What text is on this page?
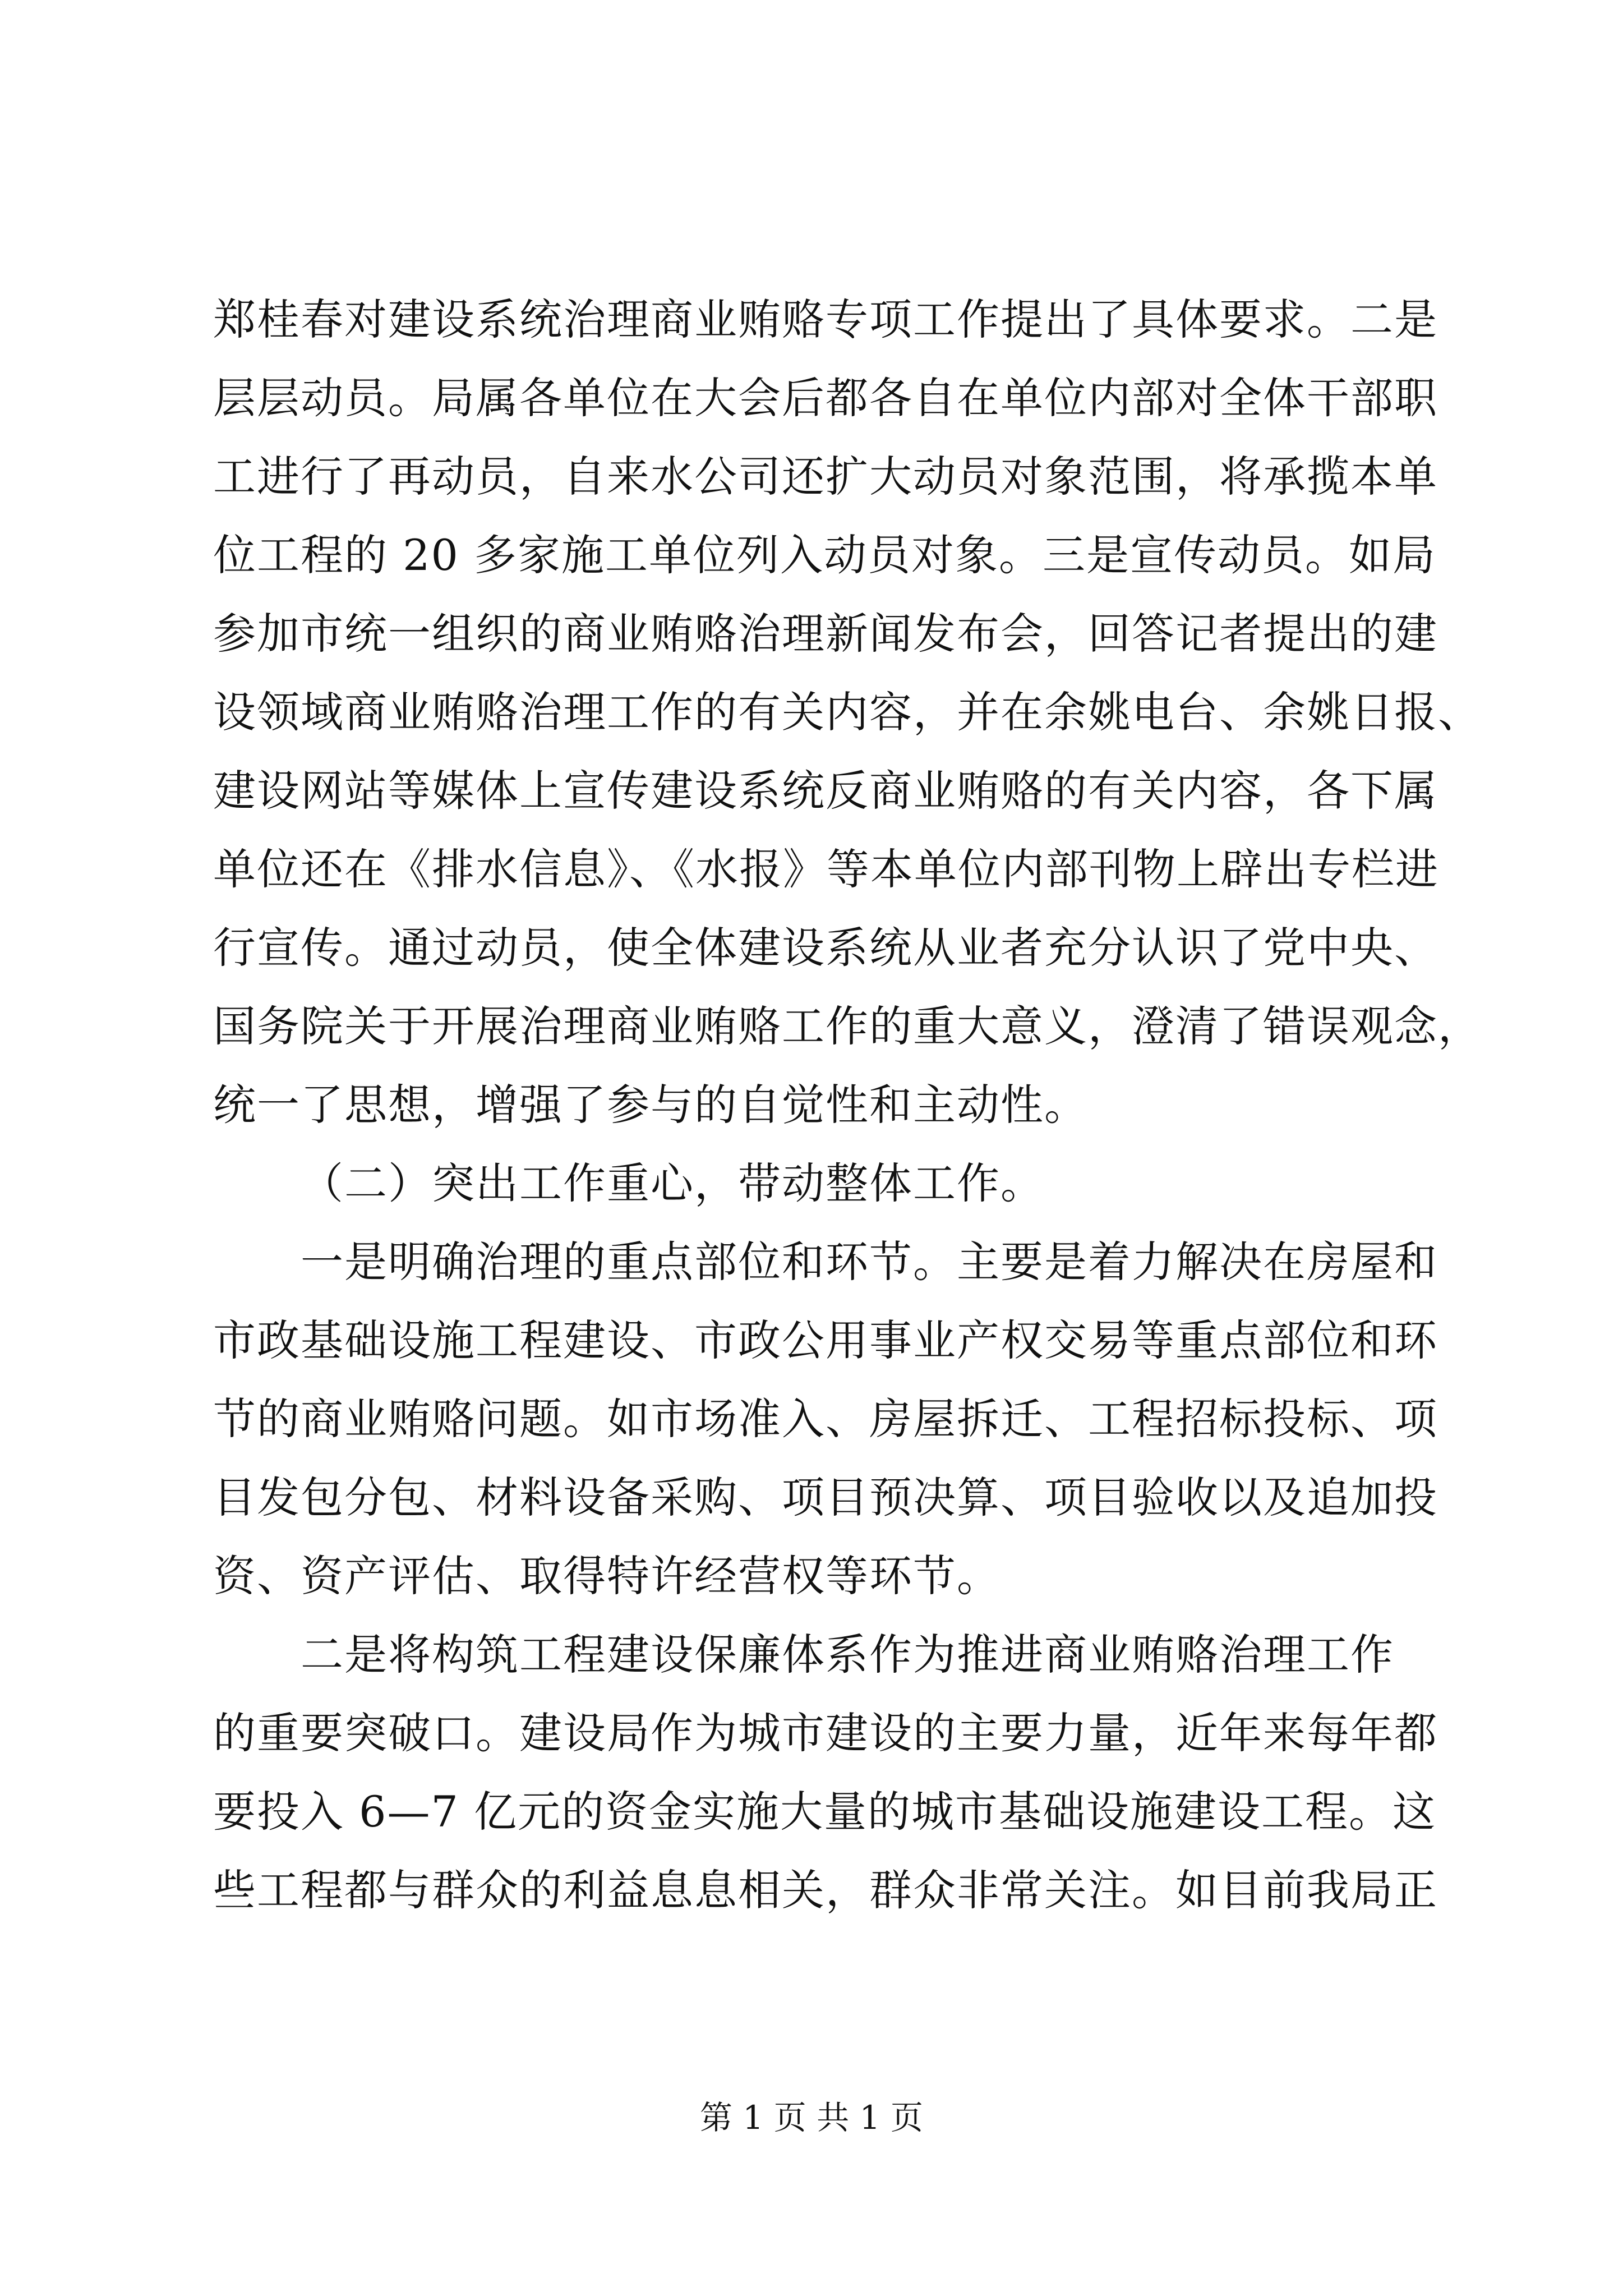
郑桂春对建设系统治理商业贿赂专项工作提出了具体要求。二是
层层动员。局属各单位在大会后都各自在单位内部对全体干部职
工进行了再动员，自来水公司还扩大动员对象范围，将承揽本单
位工程的 20 多家施工单位列入动员对象。三是宣传动员。如局
参加市统一组织的商业贿赂治理新闻发布会，回答记者提出的建
设领域商业贿赂治理工作的有关内容，并在余姚电台、余姚日报、
建设网站等媒体上宣传建设系统反商业贿赂的有关内容，各下属
单位还在《排水信息》、《水报》等本单位内部刊物上辟出专栏进
行宣传。通过动员，使全体建设系统从业者充分认识了党中央、
国务院关于开展治理商业贿赂工作的重大意义，澄清了错误观念，
统一了思想，增强了参与的自觉性和主动性。
（二）突出工作重心，带动整体工作。
一是明确治理的重点部位和环节。主要是着力解决在房屋和
市政基础设施工程建设、市政公用事业产权交易等重点部位和环
节的商业贿赂问题。如市场准入、房屋拆迁、工程招标投标、项
目发包分包、材料设备采购、项目预决算、项目验收以及追加投
资、资产评估、取得特许经营权等环节。
二是将构筑工程建设保廉体系作为推进商业贿赂治理工作
的重要突破口。建设局作为城市建设的主要力量，近年来每年都
要投入 6—7 亿元的资金实施大量的城市基础设施建设工程。这
些工程都与群众的利益息息相关，群众非常关注。如目前我局正
第 1 页 共 1 页
